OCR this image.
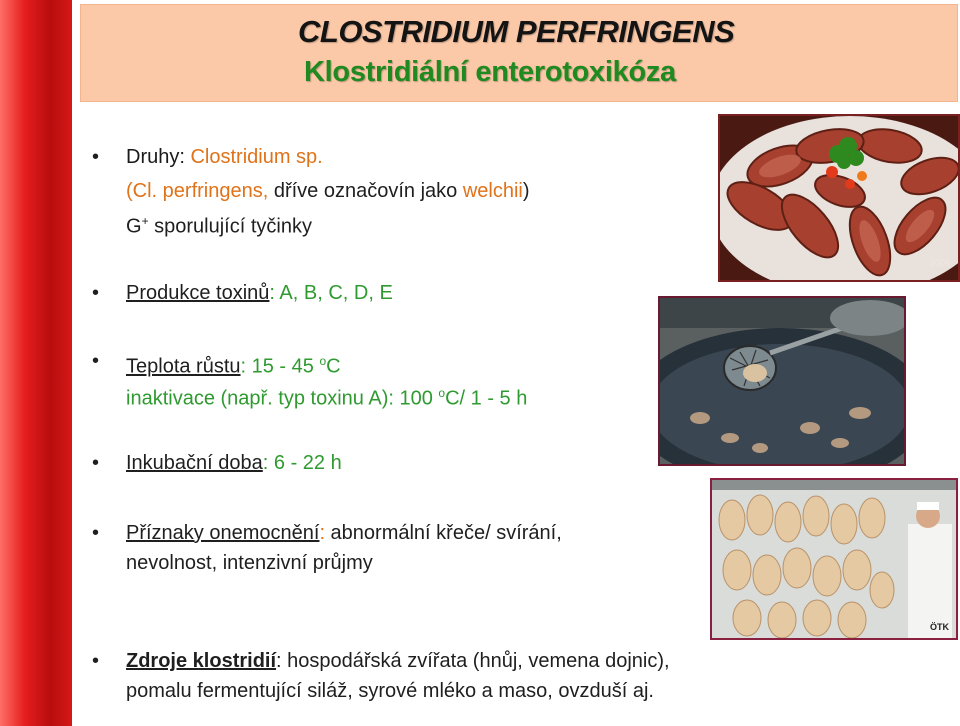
CLOSTRIDIUM PERFRINGENS
Klostridiální enterotoxikóza
• Druhy: Clostridium sp.
(Cl. perfringens, dříve označovín jako welchii)
G+ sporulující tyčinky
• Produkce toxinů: A, B, C, D, E
• Teplota růstu: 15 - 45 $^o$C
inaktivace (např. typ toxinu A): 100 $^o$C/ 1 - 5 h
• Inkubační doba: 6 - 22 h
• Příznaky onemocnění: abnormální křeče/ svírání,
nevolnost, intenzivní průjmy
• Zdroje klostridií: hospodářská zvířata (hnůj, vemena dojnic),
pomalu fermentující siláž, syrové mléko a maso, ovzduší aj.
2009
ÖTK
